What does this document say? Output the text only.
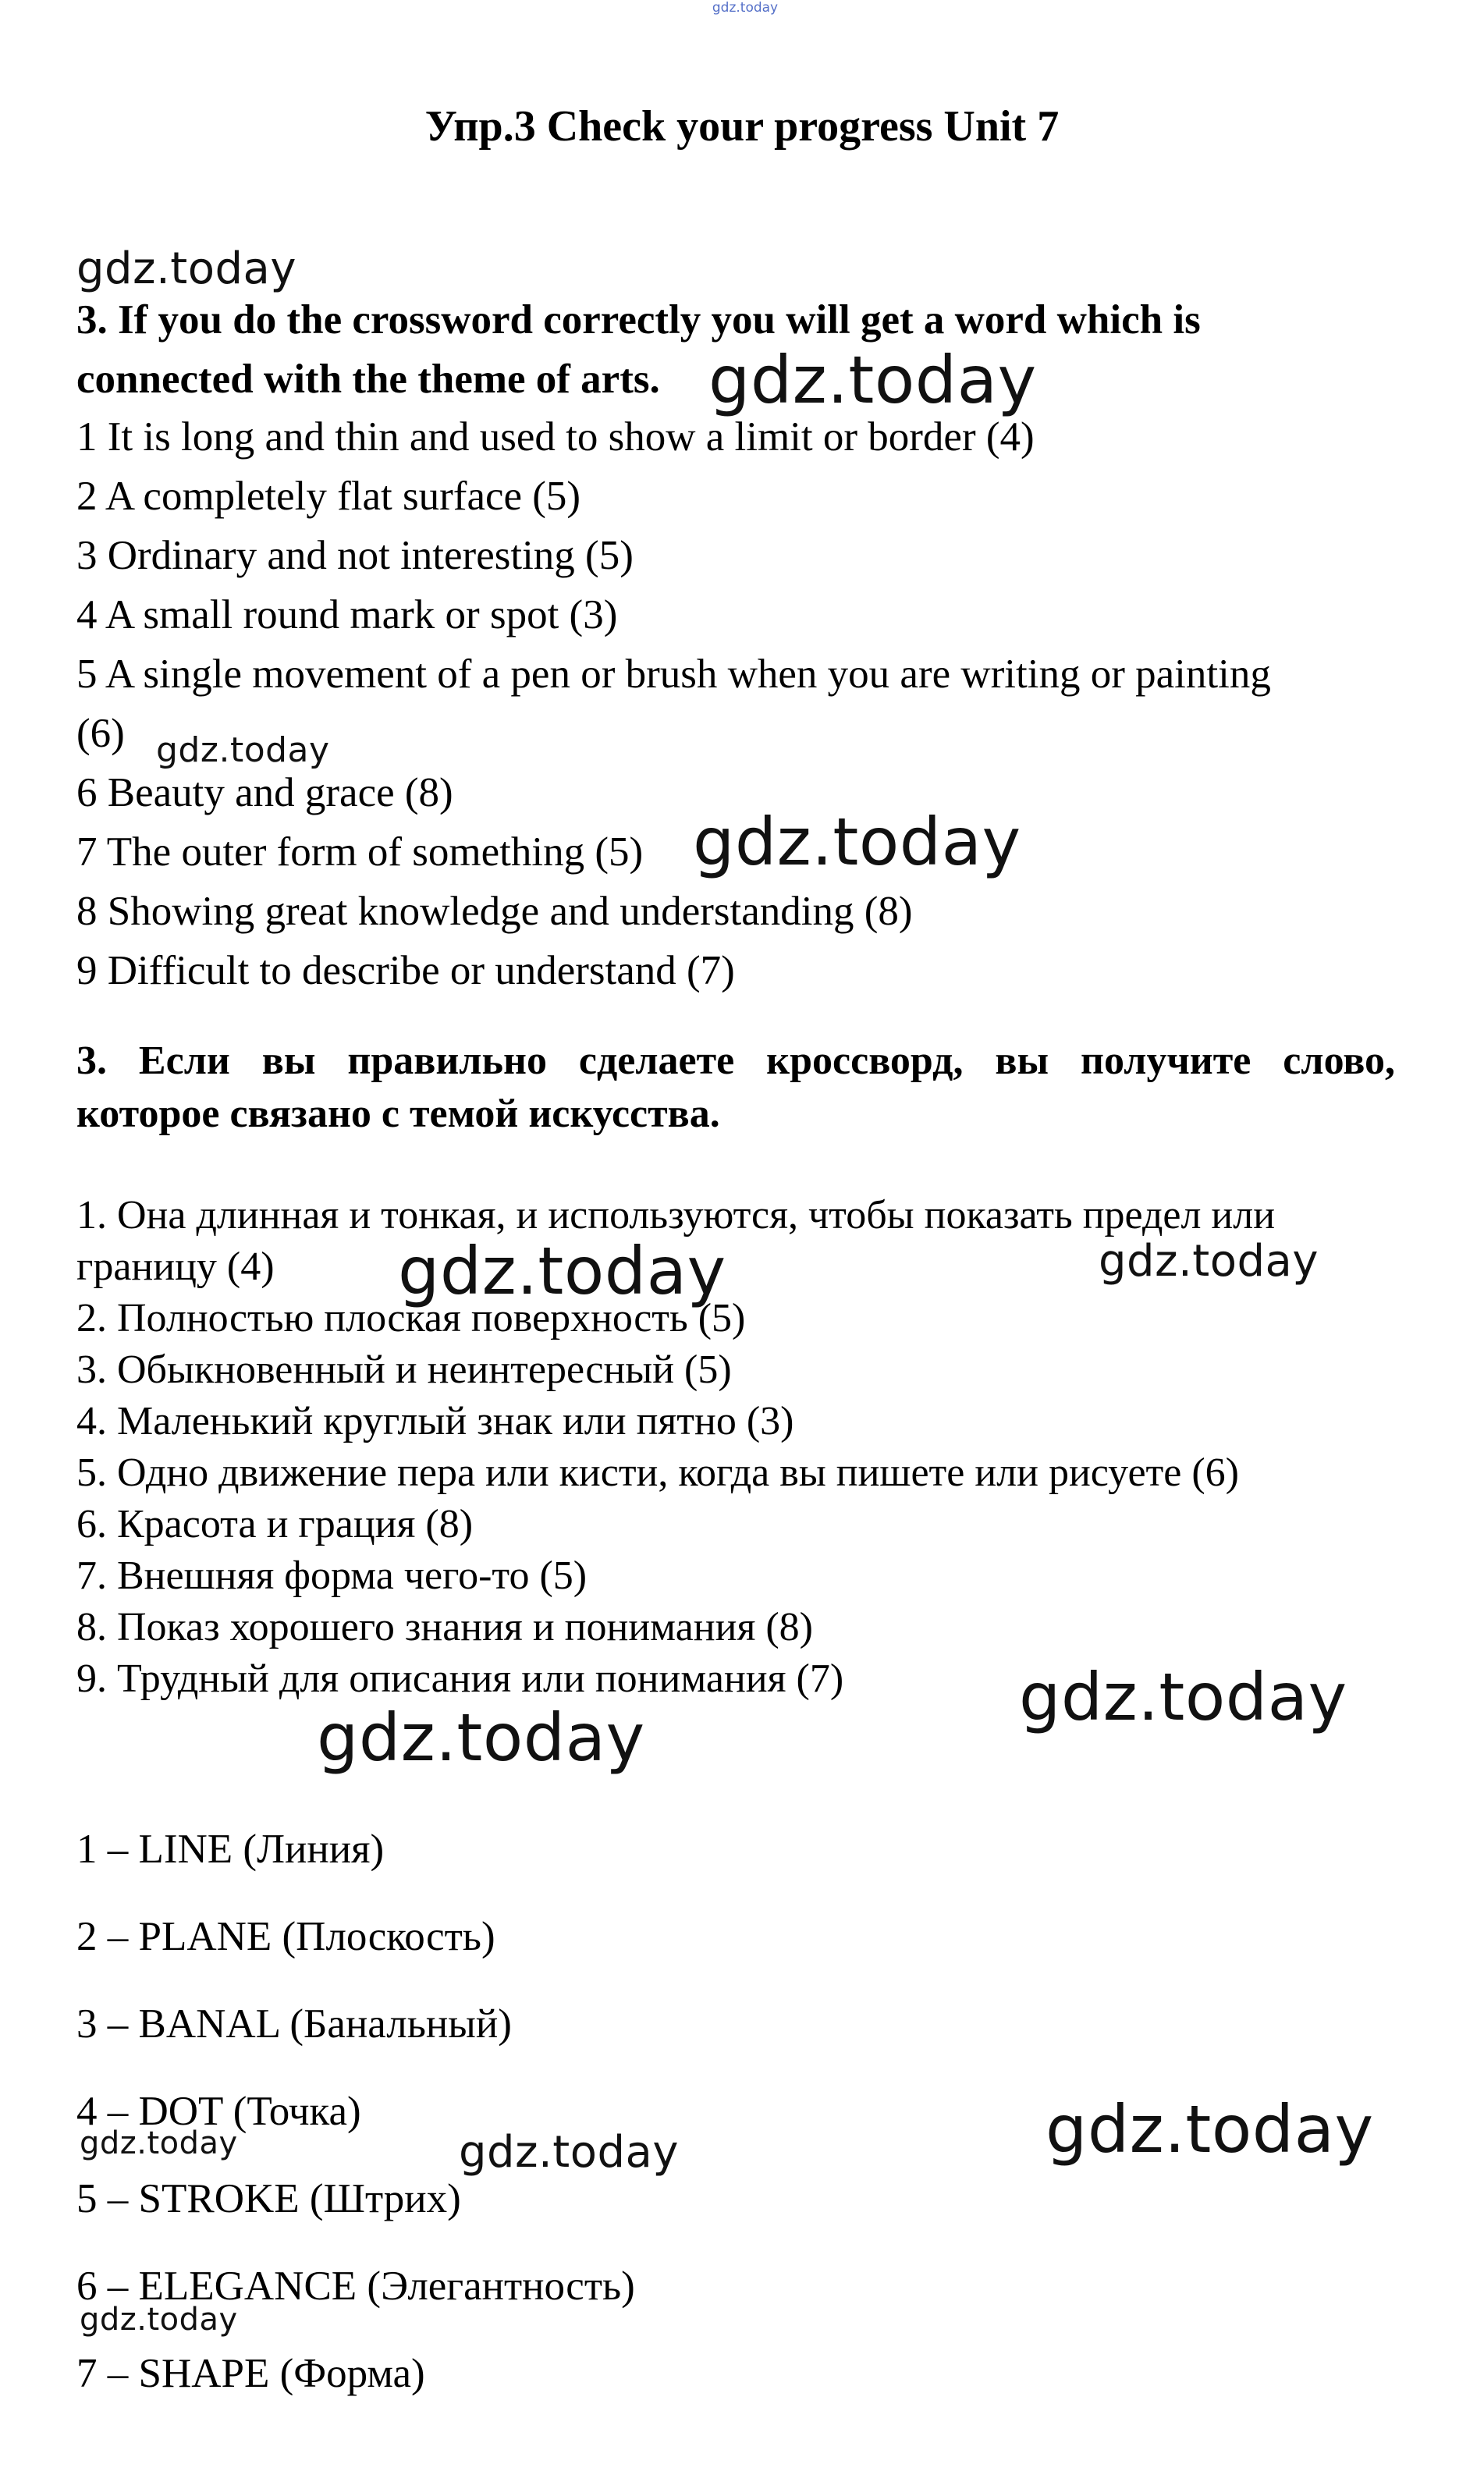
gdz.today
Упр.3 Check your progress Unit 7
3. If you do the crossword correctly you will get a word which is
connected with the theme of arts.
1 It is long and thin and used to show a limit or border (4)
2 A completely flat surface (5)
3 Ordinary and not interesting (5)
4 A small round mark or spot (3)
5 A single movement of a pen or brush when you are writing or painting
(6)
6 Beauty and grace (8)
7 The outer form of something (5)
8 Showing great knowledge and understanding (8)
9 Difficult to describe or understand (7)
3. Если вы правильно сделаете кроссворд, вы получите слово,
которое связано с темой искусства.
1. Она длинная и тонкая, и используются, чтобы показать предел или
границу (4)
2. Полностью плоская поверхность (5)
3. Обыкновенный и неинтересный (5)
4. Маленький круглый знак или пятно (3)
5. Одно движение пера или кисти, когда вы пишете или рисуете (6)
6. Красота и грация (8)
7. Внешняя форма чего-то (5)
8. Показ хорошего знания и понимания (8)
9. Трудный для описания или понимания (7)
1 – LINE (Линия)
2 – PLANE (Плоскость)
3 – BANAL (Банальный)
4 – DOT (Точка)
5 – STROKE (Штрих)
6 – ELEGANCE (Элегантность)
7 – SHAPE (Форма)
gdz.today
gdz.today
gdz.today
gdz.today
gdz.today	gdz.today
gdz.today
gdz.today
gdz.today
gdz.today
gdz.today
gdz.today
